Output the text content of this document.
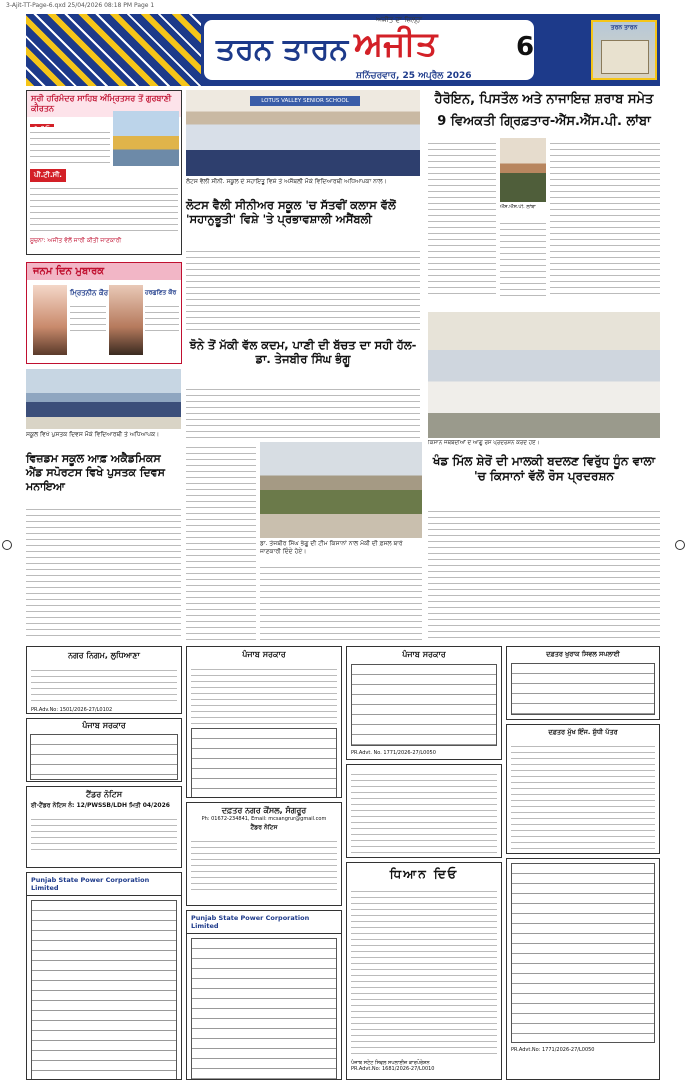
3-Ajit-TT-Page-6.qxd 25/04/2026 08:18 PM Page 1
ਅਜੀਤ ਦਾ ਜ਼ਿਲ੍ਹਾ
ਤਰਨ ਤਾਰਨ ਅਜੀਤ
ਸ਼ਨਿੱਚਰਵਾਰ, 25 ਅਪ੍ਰੈਲ 2026
6
ਤਰਨ ਤਾਰਨ
ਸ੍ਰੀ ਹਰਿਮੰਦਰ ਸਾਹਿਬ ਅੰਮ੍ਰਿਤਸਰ ਤੋਂ ਗੁਰਬਾਣੀ ਕੀਰਤਨ
ਪੀ.ਟੀ.ਸੀ.
ਸੂਚਨਾ: ਅਜੀਤ ਵੱਲੋਂ ਜਾਰੀ ਕੀਤੀ ਜਾਣਕਾਰੀ
ਜਨਮ ਦਿਨ ਮੁਬਾਰਕ
ਮ੍ਰਿਤਨੀਨ ਕੌਰ	ਹਰਗੁਣਿਤ ਕੌਰ
ਸਕੂਲ ਵਿਖੇ ਪੁਸਤਕ ਦਿਵਸ ਮੌਕੇ ਵਿਦਿਆਰਥੀ ਤੇ ਅਧਿਆਪਕ।
LOTUS VALLEY SENIOR SCHOOL
ਲੋਟਸ ਵੈਲੀ ਸੀਨੀ. ਸਕੂਲ ਦੇ ਸਹਾਇਤੂ ਵਿਸ਼ੇ ਤੇ ਅਸੈਂਬਲੀ ਮੌਕੇ ਵਿਦਿਆਰਥੀ ਅਧਿਆਪਕਾ ਨਾਲ।
ਲੋਟਸ ਵੈਲੀ ਸੀਨੀਅਰ ਸਕੂਲ 'ਚ ਸੱਤਵੀਂ ਕਲਾਸ ਵੱਲੋਂ 'ਸਹਾਨੁਭੂਤੀ' ਵਿਸ਼ੇ 'ਤੇ ਪ੍ਰਭਾਵਸ਼ਾਲੀ ਅਸੈਂਬਲੀ
ਹੈਰੋਇਨ, ਪਿਸਤੌਲ ਅਤੇ ਨਾਜਾਇਜ਼ ਸ਼ਰਾਬ ਸਮੇਤ
9 ਵਿਅਕਤੀ ਗ੍ਰਿਫ਼ਤਾਰ-ਐੱਸ.ਐੱਸ.ਪੀ. ਲਾਂਬਾ
ਐੱਸ.ਐੱਸ.ਪੀ. ਲਾਂਬਾ
ਝੋਨੇ ਤੋਂ ਮੱਕੀ ਵੱਲ ਕਦਮ, ਪਾਣੀ ਦੀ ਬੱਚਤ ਦਾ ਸਹੀ ਹੱਲ-ਡਾ. ਤੇਜਬੀਰ ਸਿੰਘ ਭੰਗੂ
ਡਾ. ਤੇਜਬੀਰ ਸਿੰਘ ਭੰਗੂ ਦੀ ਟੀਮ ਕਿਸਾਨਾਂ ਨਾਲ ਮੱਕੀ ਦੀ ਫ਼ਸਲ ਬਾਰੇ ਜਾਣਕਾਰੀ ਦਿੰਦੇ ਹੋਏ।
ਕਿਸਾਨ ਜਥੇਬੰਦੀਆਂ ਦੇ ਆਗੂ ਰੋਸ ਪ੍ਰਦਰਸ਼ਨ ਕਰਦੇ ਹੋਏ।
ਖੰਡ ਮਿੱਲ ਸ਼ੇਰੋਂ ਦੀ ਮਾਲਕੀ ਬਦਲਣ ਵਿਰੁੱਧ ਧੂੰਨ ਵਾਲਾ 'ਚ ਕਿਸਾਨਾਂ ਵੱਲੋਂ ਰੋਸ ਪ੍ਰਦਰਸ਼ਨ
ਵਿਜ਼ਡਮ ਸਕੂਲ ਆਫ਼ ਅਕੈਡਮਿਕਸ ਐਂਡ ਸਪੋਰਟਸ ਵਿਖੇ ਪੁਸਤਕ ਦਿਵਸ ਮਨਾਇਆ
ਨਗਰ ਨਿਗਮ, ਲੁਧਿਆਣਾ
PR.Adv.No: 1501/2026-27/L0102
ਪੰਜਾਬ ਸਰਕਾਰ
ਟੈਂਡਰ ਨੋਟਿਸ
ਈ-ਟੈਂਡਰ ਨੋਟਿਸ ਨੰ: 12/PWSSB/LDH ਮਿਤੀ 04/2026
Punjab State Power Corporation Limited
ਪੰਜਾਬ ਸਰਕਾਰ
ਦਫ਼ਤਰ ਨਗਰ ਕੌਂਸਲ, ਸੰਗਰੂਰ
Ph: 01672-234841, Email: mcsangrur@gmail.com
ਟੈਂਡਰ ਨੋਟਿਸ
Punjab State Power Corporation Limited
ਪੰਜਾਬ ਸਰਕਾਰ
PR.Advt. No. 1771/2026-27/L0050
ਧਿਆਨ ਦਿਓ
ਪੰਜਾਬ ਸਟੇਟ ਸਿਵਲ ਸਪਲਾਈਜ਼ ਕਾਰਪੋਰੇਸ਼ਨ
PR.Advt.No: 1681/2026-27/L0010
ਦਫ਼ਤਰ ਖੁਰਾਕ ਸਿਵਲ ਸਪਲਾਈ
ਦਫ਼ਤਰ ਮੁੱਖ ਇੰਜ. ਸ਼ੁੱਧੀ ਪੱਤਰ
PR.Advt.No: 1771/2026-27/L0050
